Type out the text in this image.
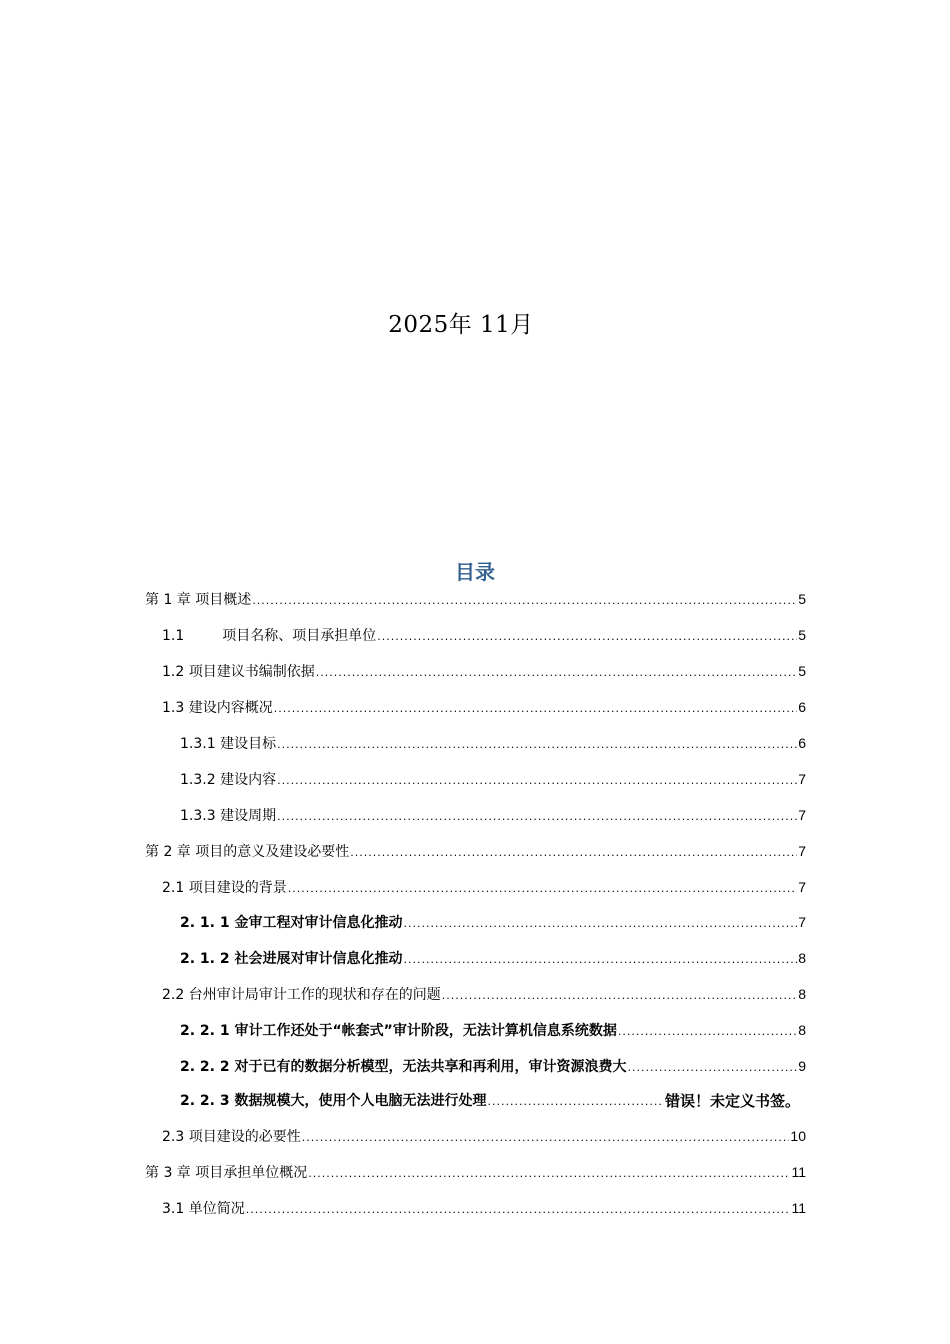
2025年 11月
目录
第 1 章 项目概述 .....	5
1.1	项目名称、项目承担单位 .....	5
1.2 项目建议书编制依据 .....	5
1.3 建设内容概况 .....	6
1.3.1 建设目标 .....	6
1.3.2 建设内容 .....	7
1.3.3 建设周期 .....	7
第 2 章 项目的意义及建设必要性 .....	7
2.1 项目建设的背景 .....	7
2. 1. 1 金审工程对审计信息化推动 .....	7
2. 1. 2 社会进展对审计信息化推动 .....	8
2.2 台州审计局审计工作的现状和存在的问题 .....	8
2. 2. 1 审计工作还处于“帐套式”审计阶段，无法计算机信息系统数据 .....	8
2. 2. 2 对于已有的数据分析模型，无法共享和再利用，审计资源浪费大 .....	9
2. 2. 3 数据规模大，使用个人电脑无法进行处理 .....	错误！未定义书签。
2.3 项目建设的必要性 .....	10
第 3 章 项目承担单位概况 .....	11
3.1 单位简况 .....	11
